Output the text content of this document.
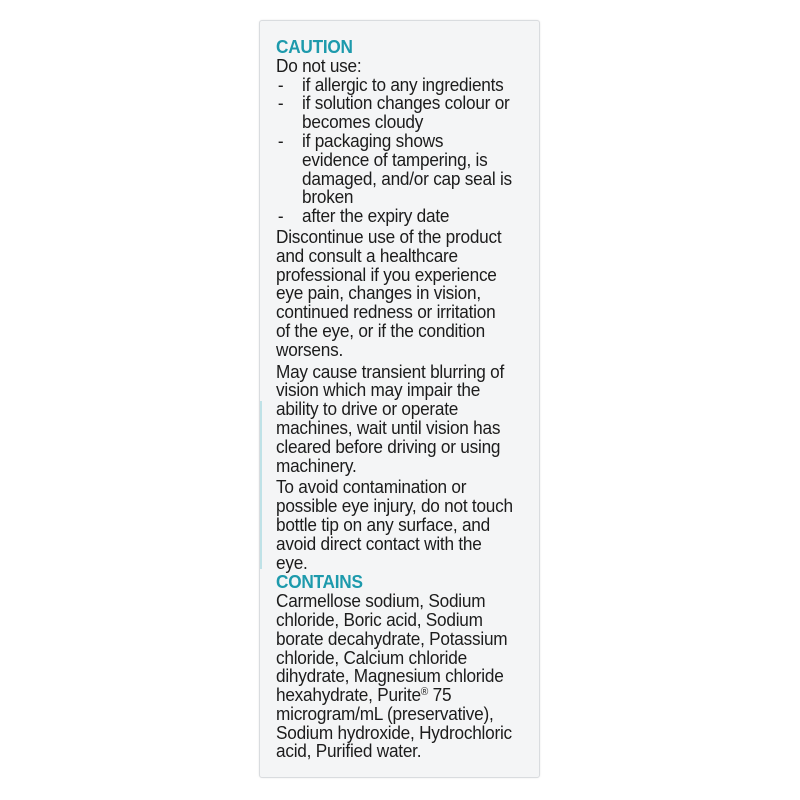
CAUTION
Do not use:
- if allergic to any ingredients
- if solution changes colour or
becomes cloudy
- if packaging shows
evidence of tampering, is
damaged, and/or cap seal is
broken
- after the expiry date

Discontinue use of the product
and consult a healthcare
professional if you experience
eye pain, changes in vision,
continued redness or irritation
of the eye, or if the condition
worsens.

May cause transient blurring of
vision which may impair the
ability to drive or operate
machines, wait until vision has
cleared before driving or using
machinery.

To avoid contamination or
possible eye injury, do not touch
bottle tip on any surface, and
avoid direct contact with the
eye.

CONTAINS
Carmellose sodium, Sodium
chloride, Boric acid, Sodium
borate decahydrate, Potassium
chloride, Calcium chloride
dihydrate, Magnesium chloride
hexahydrate, Purite® 75
microgram/mL (preservative),
Sodium hydroxide, Hydrochloric
acid, Purified water.
